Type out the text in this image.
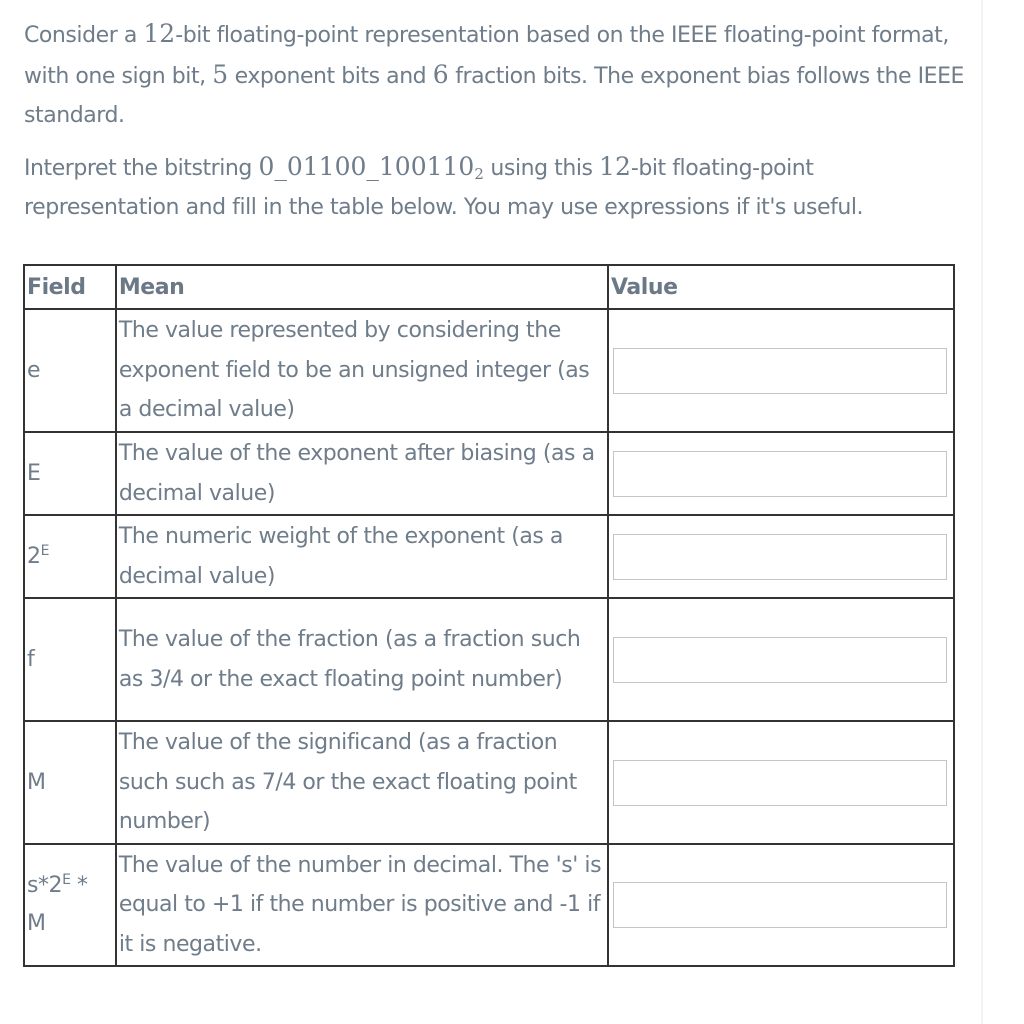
Consider a 12-bit floating-point representation based on the IEEE floating-point format, with one sign bit, 5 exponent bits and 6 fraction bits. The exponent bias follows the IEEE standard.

Interpret the bitstring $0\_01100\_100110_2$ using this 12-bit floating-point representation and fill in the table below. You may use expressions if it's useful.

Field	Mean	Value
e	The value represented by considering the exponent field to be an unsigned integer (as a decimal value)	

E	The value of the exponent after biasing (as a decimal value)	

$2^E$	The numeric weight of the exponent (as a decimal value)	

f	The value of the fraction (as a fraction such as 3/4 or the exact floating point number)	

M	The value of the significand (as a fraction such such as 7/4 or the exact floating point number)	

$s*2^E$ * M	The value of the number in decimal. The 's' is equal to +1 if the number is positive and -1 if it is negative.	
